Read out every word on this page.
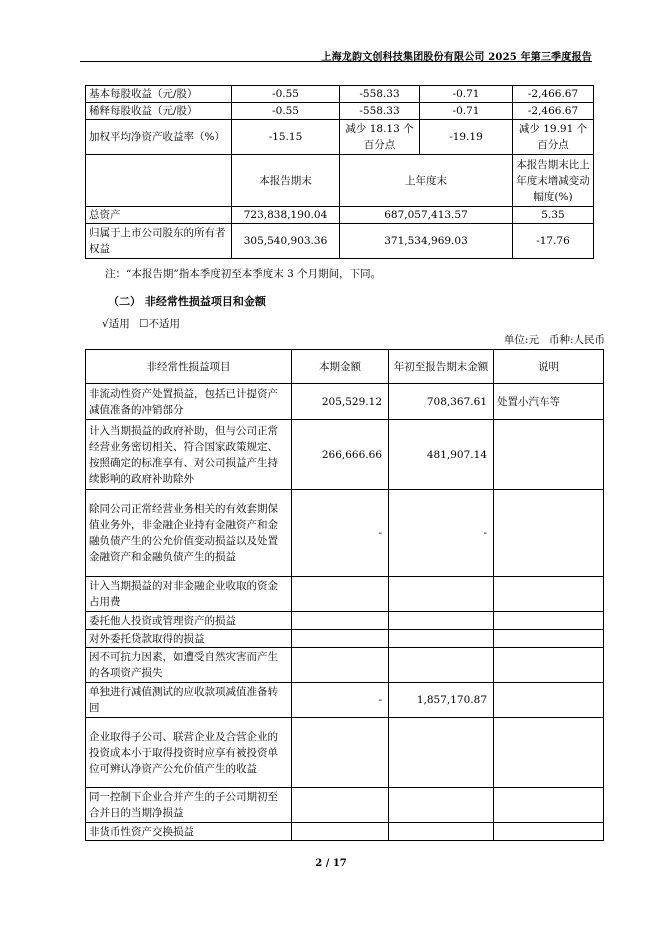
上海龙韵文创科技集团股份有限公司 2025 年第三季度报告
基本每股收益（元/股）	-0.55	-558.33	-0.71	-2,466.67
稀释每股收益（元/股）	-0.55	-558.33	-0.71	-2,466.67
加权平均净资产收益率（%）	-15.15	减少 18.13 个百分点	-19.19	减少 19.91 个百分点
	本报告期末	上年度末		本报告期末比上年度末增减变动幅度(%)
总资产	723,838,190.04	687,057,413.57		5.35
归属于上市公司股东的所有者权益	305,540,903.36	371,534,969.03		-17.76
注：“本报告期”指本季度初至本季度末 3 个月期间，下同。
（二） 非经常性损益项目和金额
√适用 ☐不适用
单位:元 币种:人民币
非经常性损益项目	本期金额	年初至报告期末金额	说明
非流动性资产处置损益，包括已计提资产减值准备的冲销部分	205,529.12	708,367.61	处置小汽车等
计入当期损益的政府补助，但与公司正常经营业务密切相关、符合国家政策规定、按照确定的标准享有、对公司损益产生持续影响的政府补助除外	266,666.66	481,907.14	
除同公司正常经营业务相关的有效套期保值业务外，非金融企业持有金融资产和金融负债产生的公允价值变动损益以及处置金融资产和金融负债产生的损益	-	-	
计入当期损益的对非金融企业收取的资金占用费			
委托他人投资或管理资产的损益			
对外委托贷款取得的损益			
因不可抗力因素，如遭受自然灾害而产生的各项资产损失			
单独进行减值测试的应收款项减值准备转回	-	1,857,170.87	
企业取得子公司、联营企业及合营企业的投资成本小于取得投资时应享有被投资单位可辨认净资产公允价值产生的收益			
同一控制下企业合并产生的子公司期初至合并日的当期净损益			
非货币性资产交换损益			
2 / 17
